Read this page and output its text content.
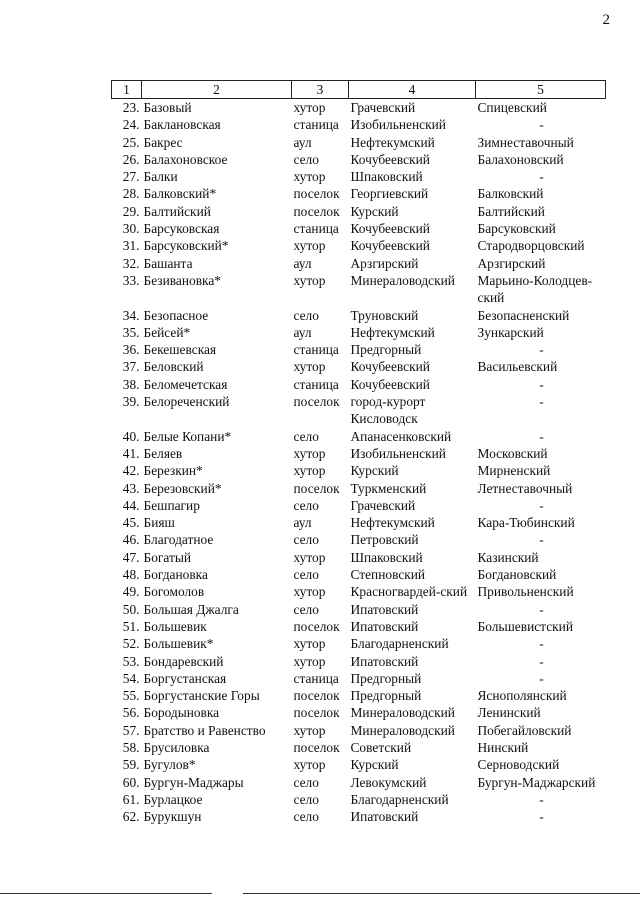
2
1	2	3	4	5
23.	Базовый	хутор	Грачевский	Спицевский
24.	Баклановская	станица	Изобильненский	-
25.	Бакрес	аул	Нефтекумский	Зимнеставочный
26.	Балахоновское	село	Кочубеевский	Балахоновский
27.	Балки	хутор	Шпаковский	-
28.	Балковский*	поселок	Георгиевский	Балковский
29.	Балтийский	поселок	Курский	Балтийский
30.	Барсуковская	станица	Кочубеевский	Барсуковский
31.	Барсуковский*	хутор	Кочубеевский	Стародворцовский
32.	Башанта	аул	Арзгирский	Арзгирский
33.	Безивановка*	хутор	Минераловодский	Марьино-Колодцев-ский
34.	Безопасное	село	Труновский	Безопасненский
35.	Бейсей*	аул	Нефтекумский	Зункарский
36.	Бекешевская	станица	Предгорный	-
37.	Беловский	хутор	Кочубеевский	Васильевский
38.	Беломечетская	станица	Кочубеевский	-
39.	Белореченский	поселок	город-курорт Кисловодск	-
40.	Белые Копани*	село	Апанасенковский	-
41.	Беляев	хутор	Изобильненский	Московский
42.	Березкин*	хутор	Курский	Мирненский
43.	Березовский*	поселок	Туркменский	Летнеставочный
44.	Бешпагир	село	Грачевский	-
45.	Бияш	аул	Нефтекумский	Кара-Тюбинский
46.	Благодатное	село	Петровский	-
47.	Богатый	хутор	Шпаковский	Казинский
48.	Богдановка	село	Степновский	Богдановский
49.	Богомолов	хутор	Красногвардей-ский	Привольненский
50.	Большая Джалга	село	Ипатовский	-
51.	Большевик	поселок	Ипатовский	Большевистский
52.	Большевик*	хутор	Благодарненский	-
53.	Бондаревский	хутор	Ипатовский	-
54.	Боргустанская	станица	Предгорный	-
55.	Боргустанские Горы	поселок	Предгорный	Яснополянский
56.	Бородыновка	поселок	Минераловодский	Ленинский
57.	Братство и Равенство	хутор	Минераловодский	Побегайловский
58.	Брусиловка	поселок	Советский	Нинский
59.	Бугулов*	хутор	Курский	Серноводский
60.	Бургун-Маджары	село	Левокумский	Бургун-Маджарский
61.	Бурлацкое	село	Благодарненский	-
62.	Бурукшун	село	Ипатовский	-
